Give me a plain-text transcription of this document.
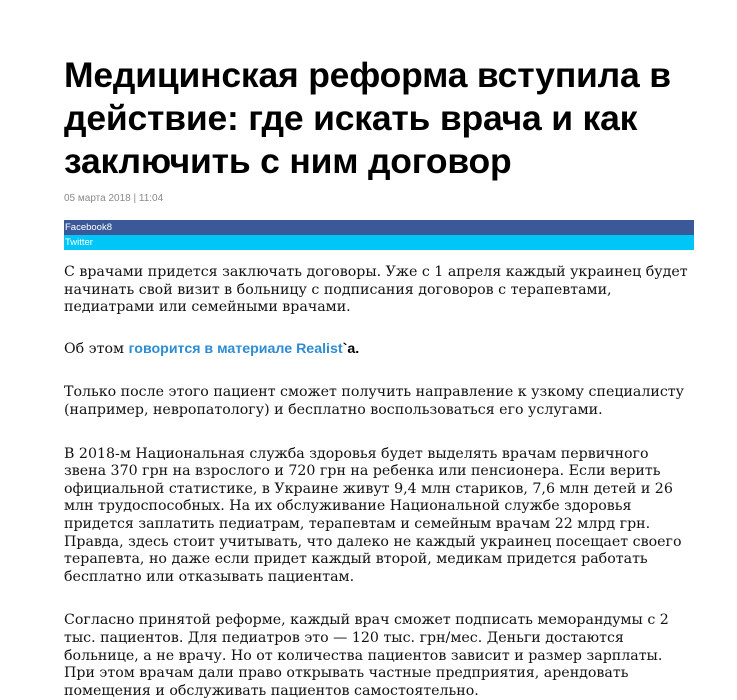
Медицинская реформа вступила в действие: где искать врача и как заключить с ним договор
05 марта 2018 | 11:04
Facebook8
Twitter

С врачами придется заключать договоры. Уже с 1 апреля каждый украинец будет начинать свой визит в больницу с подписания договоров с терапевтами, педиатрами или семейными врачами.

Об этом говорится в материале Realist`а.

Только после этого пациент сможет получить направление к узкому специалисту (например, невропатологу) и бесплатно воспользоваться его услугами.

В 2018-м Национальная служба здоровья будет выделять врачам первичного звена 370 грн на взрослого и 720 грн на ребенка или пенсионера. Если верить официальной статистике, в Украине живут 9,4 млн стариков, 7,6 млн детей и 26 млн трудоспособных. На их обслуживание Национальной службе здоровья придется заплатить педиатрам, терапевтам и семейным врачам 22 млрд грн. Правда, здесь стоит учитывать, что далеко не каждый украинец посещает своего терапевта, но даже если придет каждый второй, медикам придется работать бесплатно или отказывать пациентам.

Согласно принятой реформе, каждый врач сможет подписать меморандумы с 2 тыс. пациентов. Для педиатров это — 120 тыс. грн/мес. Деньги достаются больнице, а не врачу. Но от количества пациентов зависит и размер зарплаты. При этом врачам дали право открывать частные предприятия, арендовать помещения и обслуживать пациентов самостоятельно.
